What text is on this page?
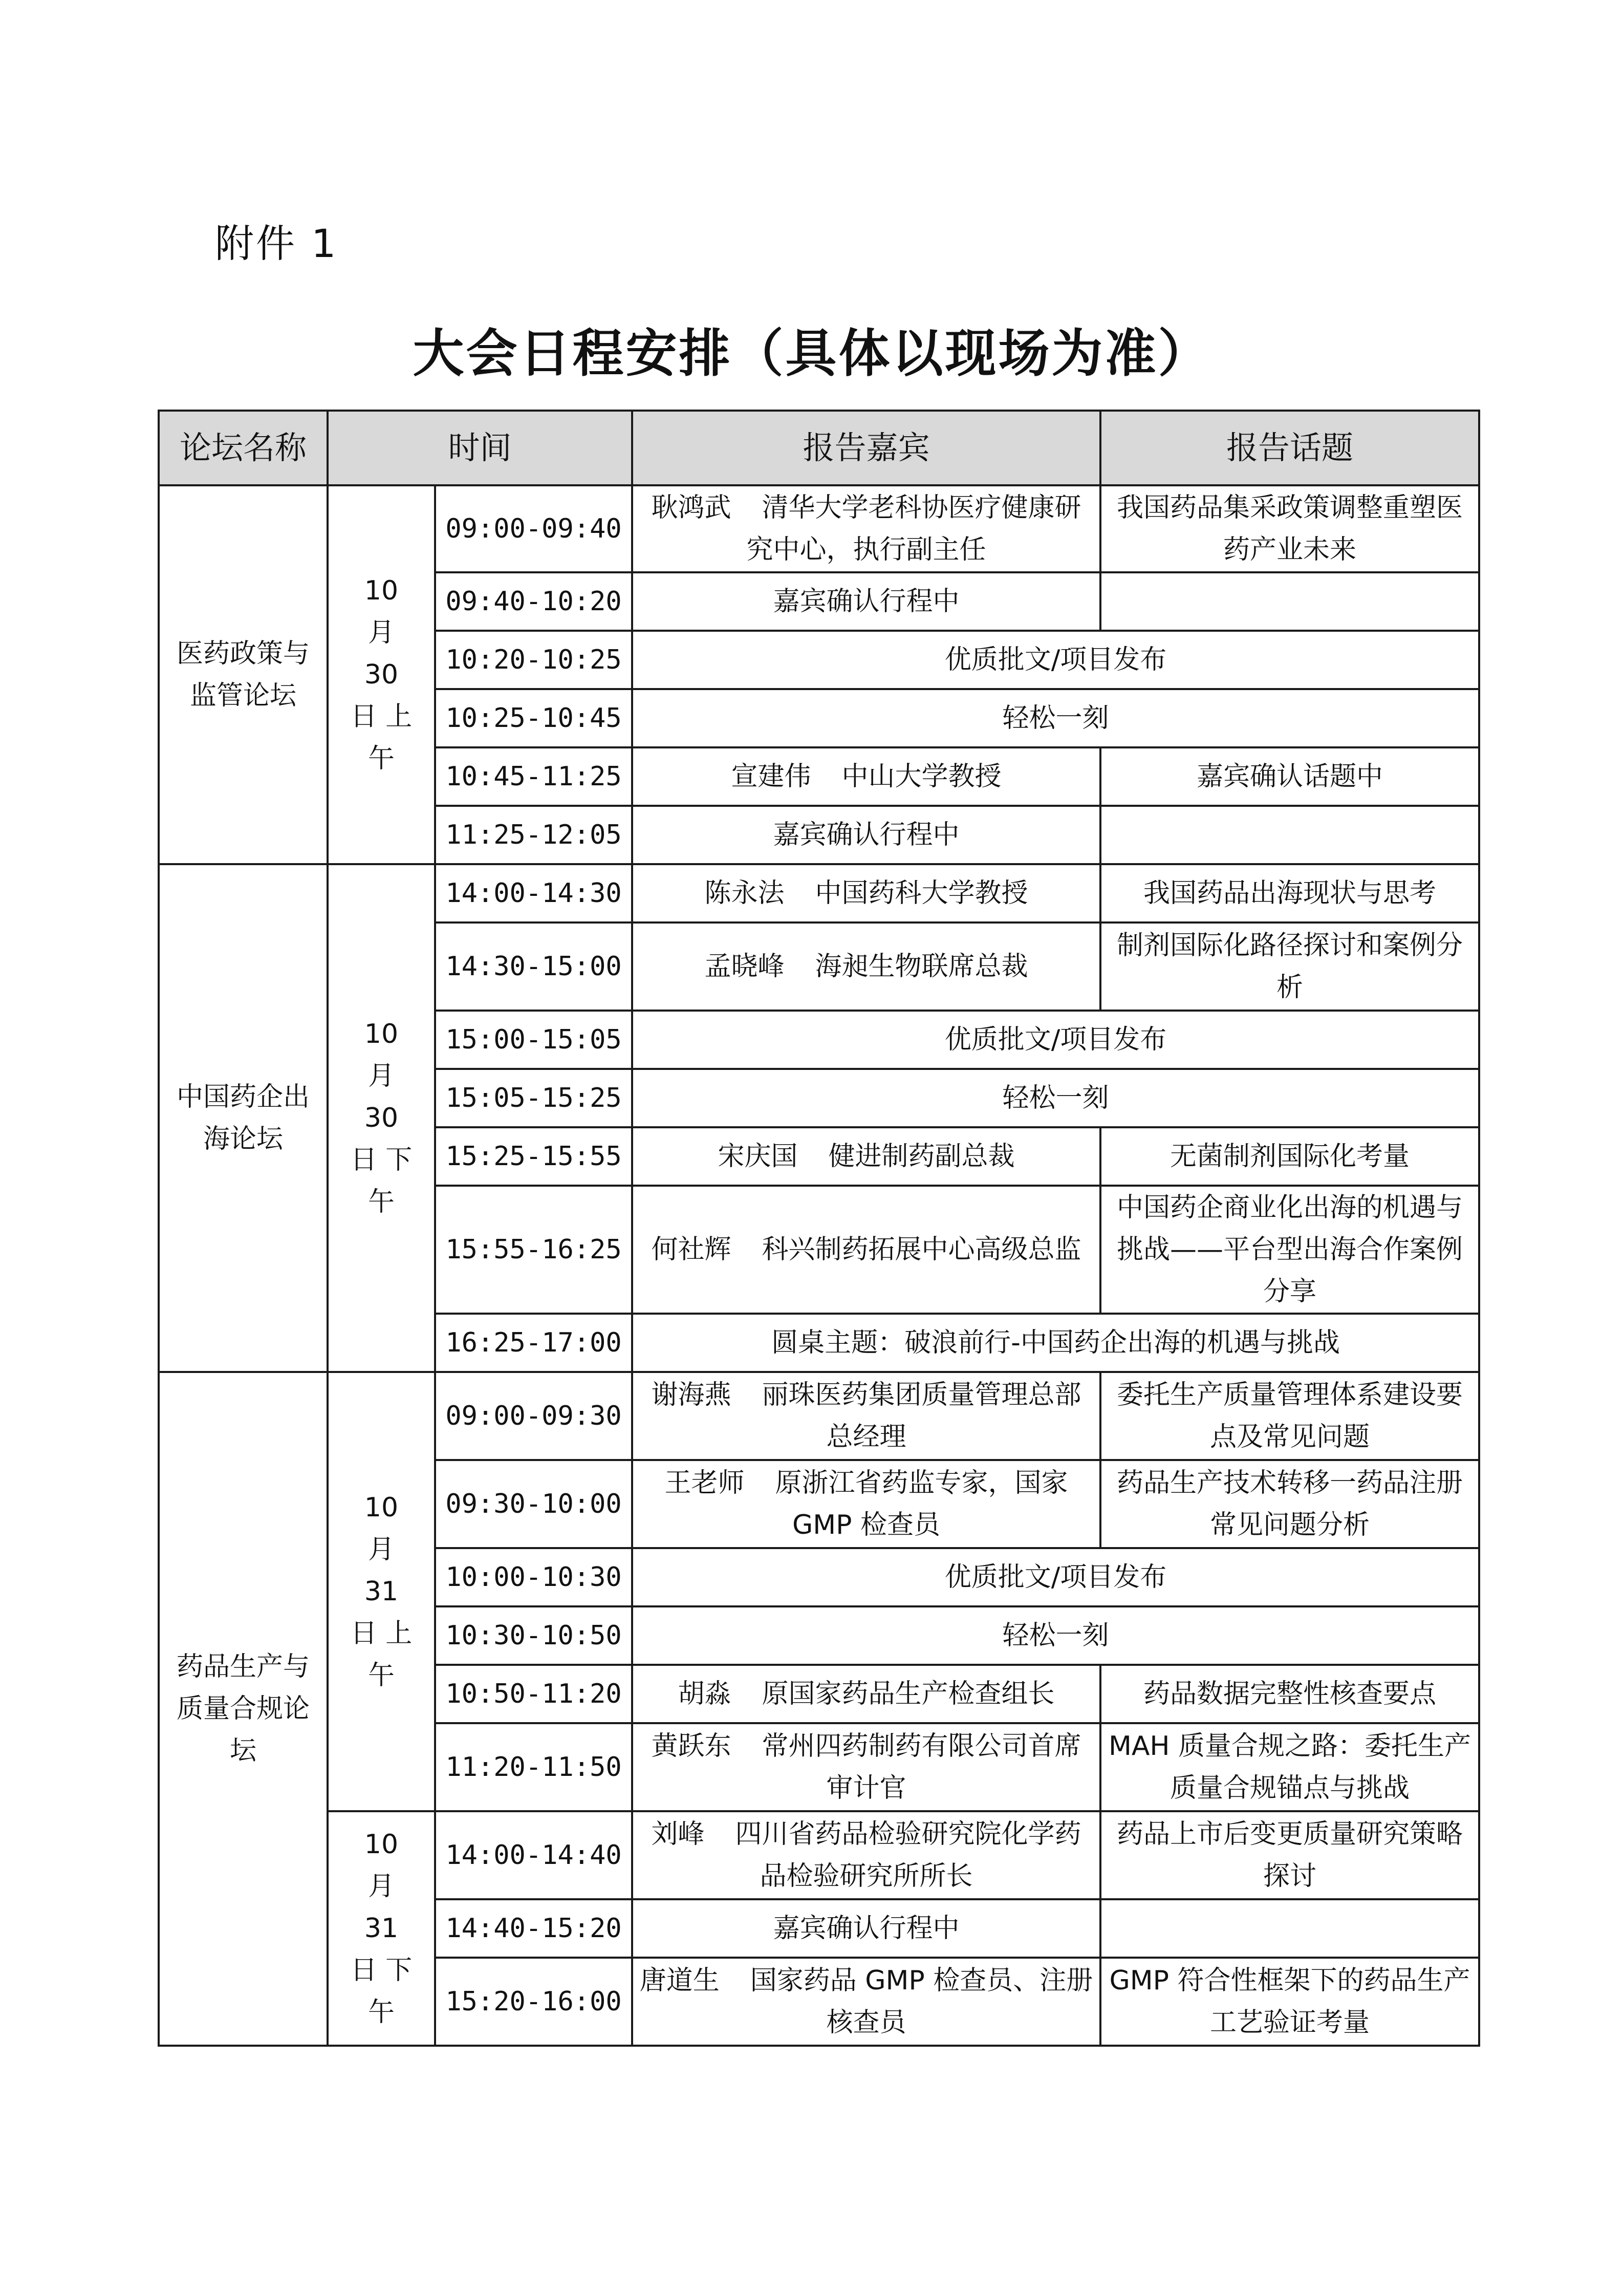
附件 1
大会日程安排（具体以现场为准）
论坛名称	时间		报告嘉宾	报告话题
医药政策与监管论坛	10 月 30 日 上午	09:00-09:40	耿鸿武 清华大学老科协医疗健康研究中心，执行副主任	我国药品集采政策调整重塑医药产业未来
		09:40-10:20	嘉宾确认行程中	
		10:20-10:25	优质批文/项目发布	
		10:25-10:45	轻松一刻	
		10:45-11:25	宣建伟 中山大学教授	嘉宾确认话题中
		11:25-12:05	嘉宾确认行程中	
中国药企出海论坛	10 月 30 日 下午	14:00-14:30	陈永法 中国药科大学教授	我国药品出海现状与思考
		14:30-15:00	孟晓峰 海昶生物联席总裁	制剂国际化路径探讨和案例分析
		15:00-15:05	优质批文/项目发布	
		15:05-15:25	轻松一刻	
		15:25-15:55	宋庆国 健进制药副总裁	无菌制剂国际化考量
		15:55-16:25	何社辉 科兴制药拓展中心高级总监	中国药企商业化出海的机遇与挑战——平台型出海合作案例分享
		16:25-17:00	圆桌主题：破浪前行-中国药企出海的机遇与挑战	
药品生产与质量合规论坛	10 月 31 日 上午	09:00-09:30	谢海燕 丽珠医药集团质量管理总部总经理	委托生产质量管理体系建设要点及常见问题
		09:30-10:00	王老师 原浙江省药监专家，国家 GMP 检查员	药品生产技术转移一药品注册常见问题分析
		10:00-10:30	优质批文/项目发布	
		10:30-10:50	轻松一刻	
		10:50-11:20	胡淼 原国家药品生产检查组长	药品数据完整性核查要点
		11:20-11:50	黄跃东 常州四药制药有限公司首席审计官	MAH 质量合规之路：委托生产质量合规锚点与挑战
	10 月 31 日 下午	14:00-14:40	刘峰 四川省药品检验研究院化学药品检验研究所所长	药品上市后变更质量研究策略探讨
		14:40-15:20	嘉宾确认行程中	
		15:20-16:00	唐道生 国家药品 GMP 检查员、注册核查员	GMP 符合性框架下的药品生产工艺验证考量
